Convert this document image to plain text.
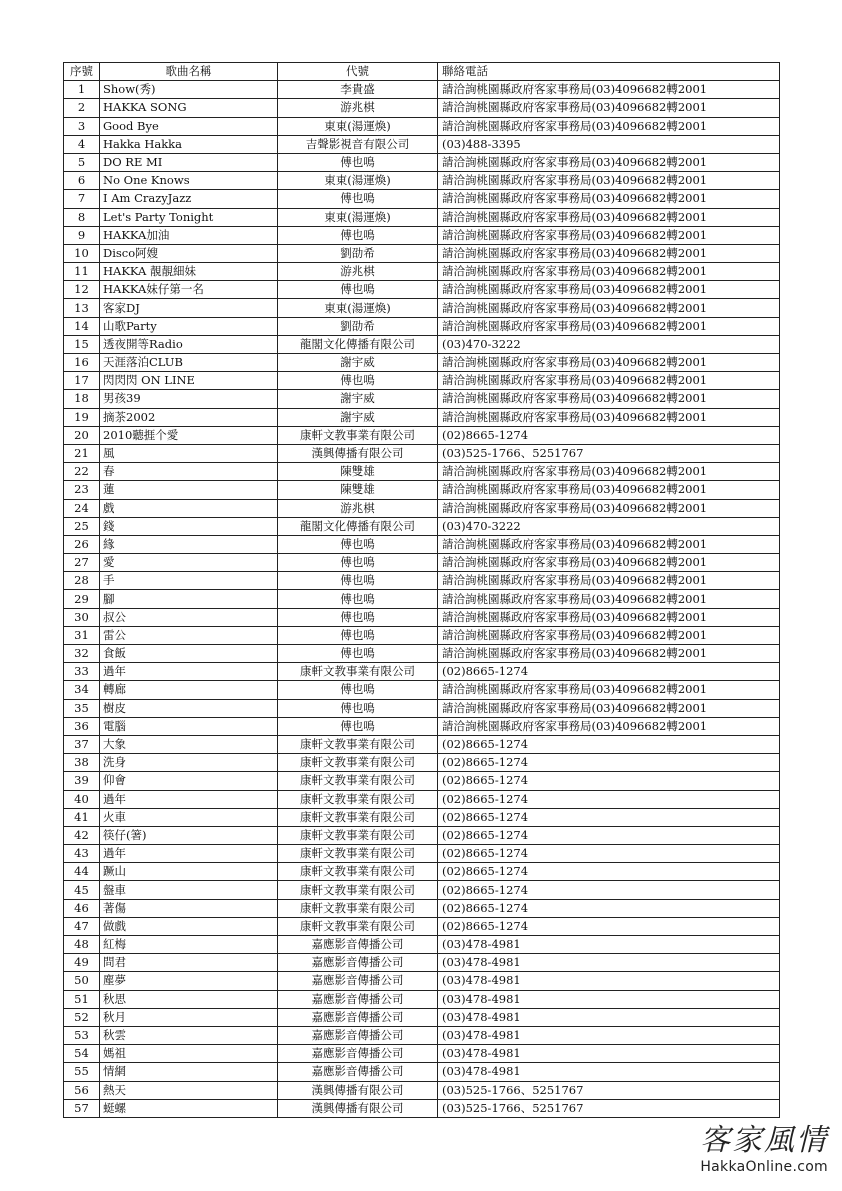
序號	歌曲名稱	代號	聯絡電話
1	Show(秀)	李貴盛	請洽詢桃園縣政府客家事務局(03)4096682轉2001
2	HAKKA SONG	游兆棋	請洽詢桃園縣政府客家事務局(03)4096682轉2001
3	Good Bye	東東(湯運煥)	請洽詢桃園縣政府客家事務局(03)4096682轉2001
4	Hakka Hakka	吉聲影視音有限公司	(03)488-3395
5	DO RE MI	傅也鳴	請洽詢桃園縣政府客家事務局(03)4096682轉2001
6	No One Knows	東東(湯運煥)	請洽詢桃園縣政府客家事務局(03)4096682轉2001
7	I Am CrazyJazz	傅也鳴	請洽詢桃園縣政府客家事務局(03)4096682轉2001
8	Let's Party Tonight	東東(湯運煥)	請洽詢桃園縣政府客家事務局(03)4096682轉2001
9	HAKKA加油	傅也鳴	請洽詢桃園縣政府客家事務局(03)4096682轉2001
10	Disco阿嫂	劉劭希	請洽詢桃園縣政府客家事務局(03)4096682轉2001
11	HAKKA 靚靚細妹	游兆棋	請洽詢桃園縣政府客家事務局(03)4096682轉2001
12	HAKKA妹仔第一名	傅也鳴	請洽詢桃園縣政府客家事務局(03)4096682轉2001
13	客家DJ	東東(湯運煥)	請洽詢桃園縣政府客家事務局(03)4096682轉2001
14	山歌Party	劉劭希	請洽詢桃園縣政府客家事務局(03)4096682轉2001
15	透夜開等Radio	龍閣文化傳播有限公司	(03)470-3222
16	天涯落泊CLUB	謝宇威	請洽詢桃園縣政府客家事務局(03)4096682轉2001
17	閃閃閃 ON LINE	傅也鳴	請洽詢桃園縣政府客家事務局(03)4096682轉2001
18	男孩39	謝宇威	請洽詢桃園縣政府客家事務局(03)4096682轉2001
19	摘茶2002	謝宇威	請洽詢桃園縣政府客家事務局(03)4096682轉2001
20	2010聽捱个愛	康軒文教事業有限公司	(02)8665-1274
21	風	漢興傳播有限公司	(03)525-1766、5251767
22	春	陳雙雄	請洽詢桃園縣政府客家事務局(03)4096682轉2001
23	蓮	陳雙雄	請洽詢桃園縣政府客家事務局(03)4096682轉2001
24	戲	游兆棋	請洽詢桃園縣政府客家事務局(03)4096682轉2001
25	錢	龍閣文化傳播有限公司	(03)470-3222
26	緣	傅也鳴	請洽詢桃園縣政府客家事務局(03)4096682轉2001
27	愛	傅也鳴	請洽詢桃園縣政府客家事務局(03)4096682轉2001
28	手	傅也鳴	請洽詢桃園縣政府客家事務局(03)4096682轉2001
29	腳	傅也鳴	請洽詢桃園縣政府客家事務局(03)4096682轉2001
30	叔公	傅也鳴	請洽詢桃園縣政府客家事務局(03)4096682轉2001
31	雷公	傅也鳴	請洽詢桃園縣政府客家事務局(03)4096682轉2001
32	食飯	傅也鳴	請洽詢桃園縣政府客家事務局(03)4096682轉2001
33	過年	康軒文教事業有限公司	(02)8665-1274
34	轉廊	傅也鳴	請洽詢桃園縣政府客家事務局(03)4096682轉2001
35	樹皮	傅也鳴	請洽詢桃園縣政府客家事務局(03)4096682轉2001
36	電腦	傅也鳴	請洽詢桃園縣政府客家事務局(03)4096682轉2001
37	大象	康軒文教事業有限公司	(02)8665-1274
38	洗身	康軒文教事業有限公司	(02)8665-1274
39	仰會	康軒文教事業有限公司	(02)8665-1274
40	過年	康軒文教事業有限公司	(02)8665-1274
41	火車	康軒文教事業有限公司	(02)8665-1274
42	筷仔(箸)	康軒文教事業有限公司	(02)8665-1274
43	過年	康軒文教事業有限公司	(02)8665-1274
44	蹶山	康軒文教事業有限公司	(02)8665-1274
45	盤車	康軒文教事業有限公司	(02)8665-1274
46	著傷	康軒文教事業有限公司	(02)8665-1274
47	做戲	康軒文教事業有限公司	(02)8665-1274
48	紅梅	嘉應影音傳播公司	(03)478-4981
49	問君	嘉應影音傳播公司	(03)478-4981
50	塵夢	嘉應影音傳播公司	(03)478-4981
51	秋思	嘉應影音傳播公司	(03)478-4981
52	秋月	嘉應影音傳播公司	(03)478-4981
53	秋雲	嘉應影音傳播公司	(03)478-4981
54	媽祖	嘉應影音傳播公司	(03)478-4981
55	情網	嘉應影音傳播公司	(03)478-4981
56	熱天	漢興傳播有限公司	(03)525-1766、5251767
57	蜓螺	漢興傳播有限公司	(03)525-1766、5251767
客家風情
HakkaOnline.com
